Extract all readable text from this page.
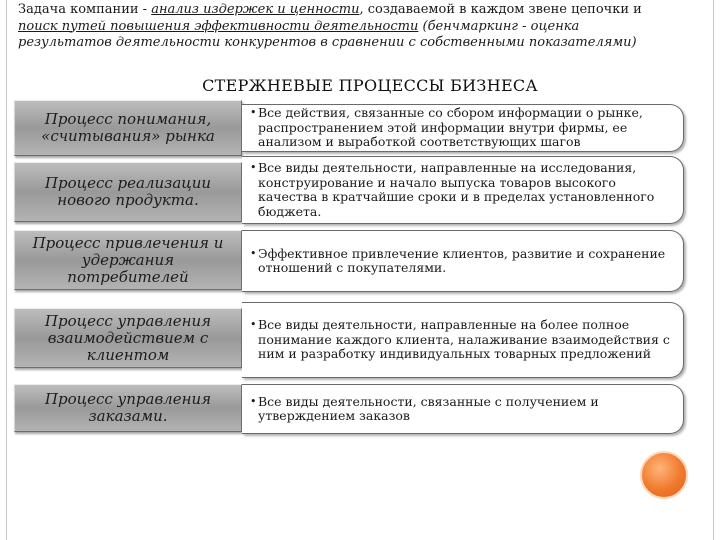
Задача компании - анализ издержек и ценности, создаваемой в каждом звене цепочки и поиск путей повышения эффективности деятельности (бенчмаркинг - оценка результатов деятельности конкурентов в сравнении с собственными показателями)
СТЕРЖНЕВЫЕ ПРОЦЕССЫ БИЗНЕСА
Процесс понимания, «считывания» рынка
• Все действия, связанные со сбором информации о рынке, распространением этой информации внутри фирмы, ее анализом и выработкой соответствующих шагов
Процесс реализации нового продукта.
• Все виды деятельности, направленные на исследования, конструирование и начало выпуска товаров высокого качества в кратчайшие сроки и в пределах установленного бюджета.
Процесс привлечения и удержания потребителей
• Эффективное привлечение клиентов, развитие и сохранение отношений с покупателями.
Процесс управления взаимодействием с клиентом
• Все виды деятельности, направленные на более полное понимание каждого клиента, налаживание взаимодействия с ним и разработку индивидуальных товарных предложений
Процесс управления заказами.
• Все виды деятельности, связанные с получением и утверждением заказов
